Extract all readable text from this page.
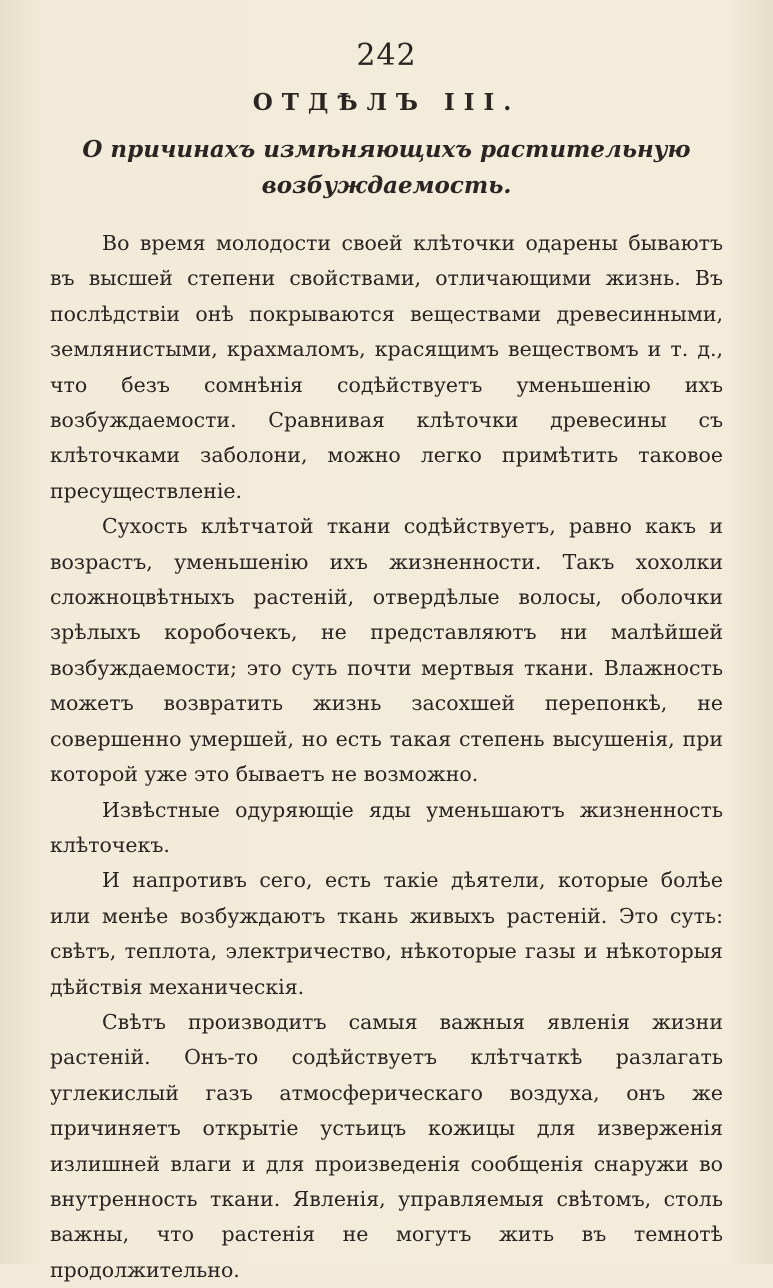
242
ОТДѢЛЪ III.
О причинахъ измѣняющихъ растительную возбуждаемость.

Во время молодости своей клѣточки одарены бываютъ въ высшей степени свойствами, отличающими жизнь. Въ послѣдствіи онѣ покрываются веществами древесинными, землянистыми, крахмаломъ, красящимъ веществомъ и т. д., что безъ сомнѣнія содѣйствуетъ уменьшенію ихъ возбуждаемости. Сравнивая клѣточки древесины съ клѣточками заболони, можно легко примѣтить таковое пресуществленіе.

Сухость клѣтчатой ткани содѣйствуетъ, равно какъ и возрастъ, уменьшенію ихъ жизненности. Такъ хохолки сложноцвѣтныхъ растеній, отвердѣлые волосы, оболочки зрѣлыхъ коробочекъ, не представляютъ ни малѣйшей возбуждаемости; это суть почти мертвыя ткани. Влажность можетъ возвратить жизнь засохшей перепонкѣ, не совершенно умершей, но есть такая степень высушенія, при которой уже это бываетъ не возможно.

Извѣстные одуряющіе яды уменьшаютъ жизненность клѣточекъ.

И напротивъ сего, есть такіе дѣятели, которые болѣе или менѣе возбуждаютъ ткань живыхъ растеній. Это суть: свѣтъ, теплота, электричество, нѣкоторые газы и нѣкоторыя дѣйствія механическія.

Свѣтъ производитъ самыя важныя явленія жизни растеній. Онъ-то содѣйствуетъ клѣтчаткѣ разлагать углекислый газъ атмосферическаго воздуха, онъ же причиняетъ открытіе устьицъ кожицы для изверженія излишней влаги и для произведенія сообщенія снаружи во внутренность ткани. Явленія, управляемыя свѣтомъ, столь важны, что растенія не могутъ жить въ темнотѣ продолжительно.
